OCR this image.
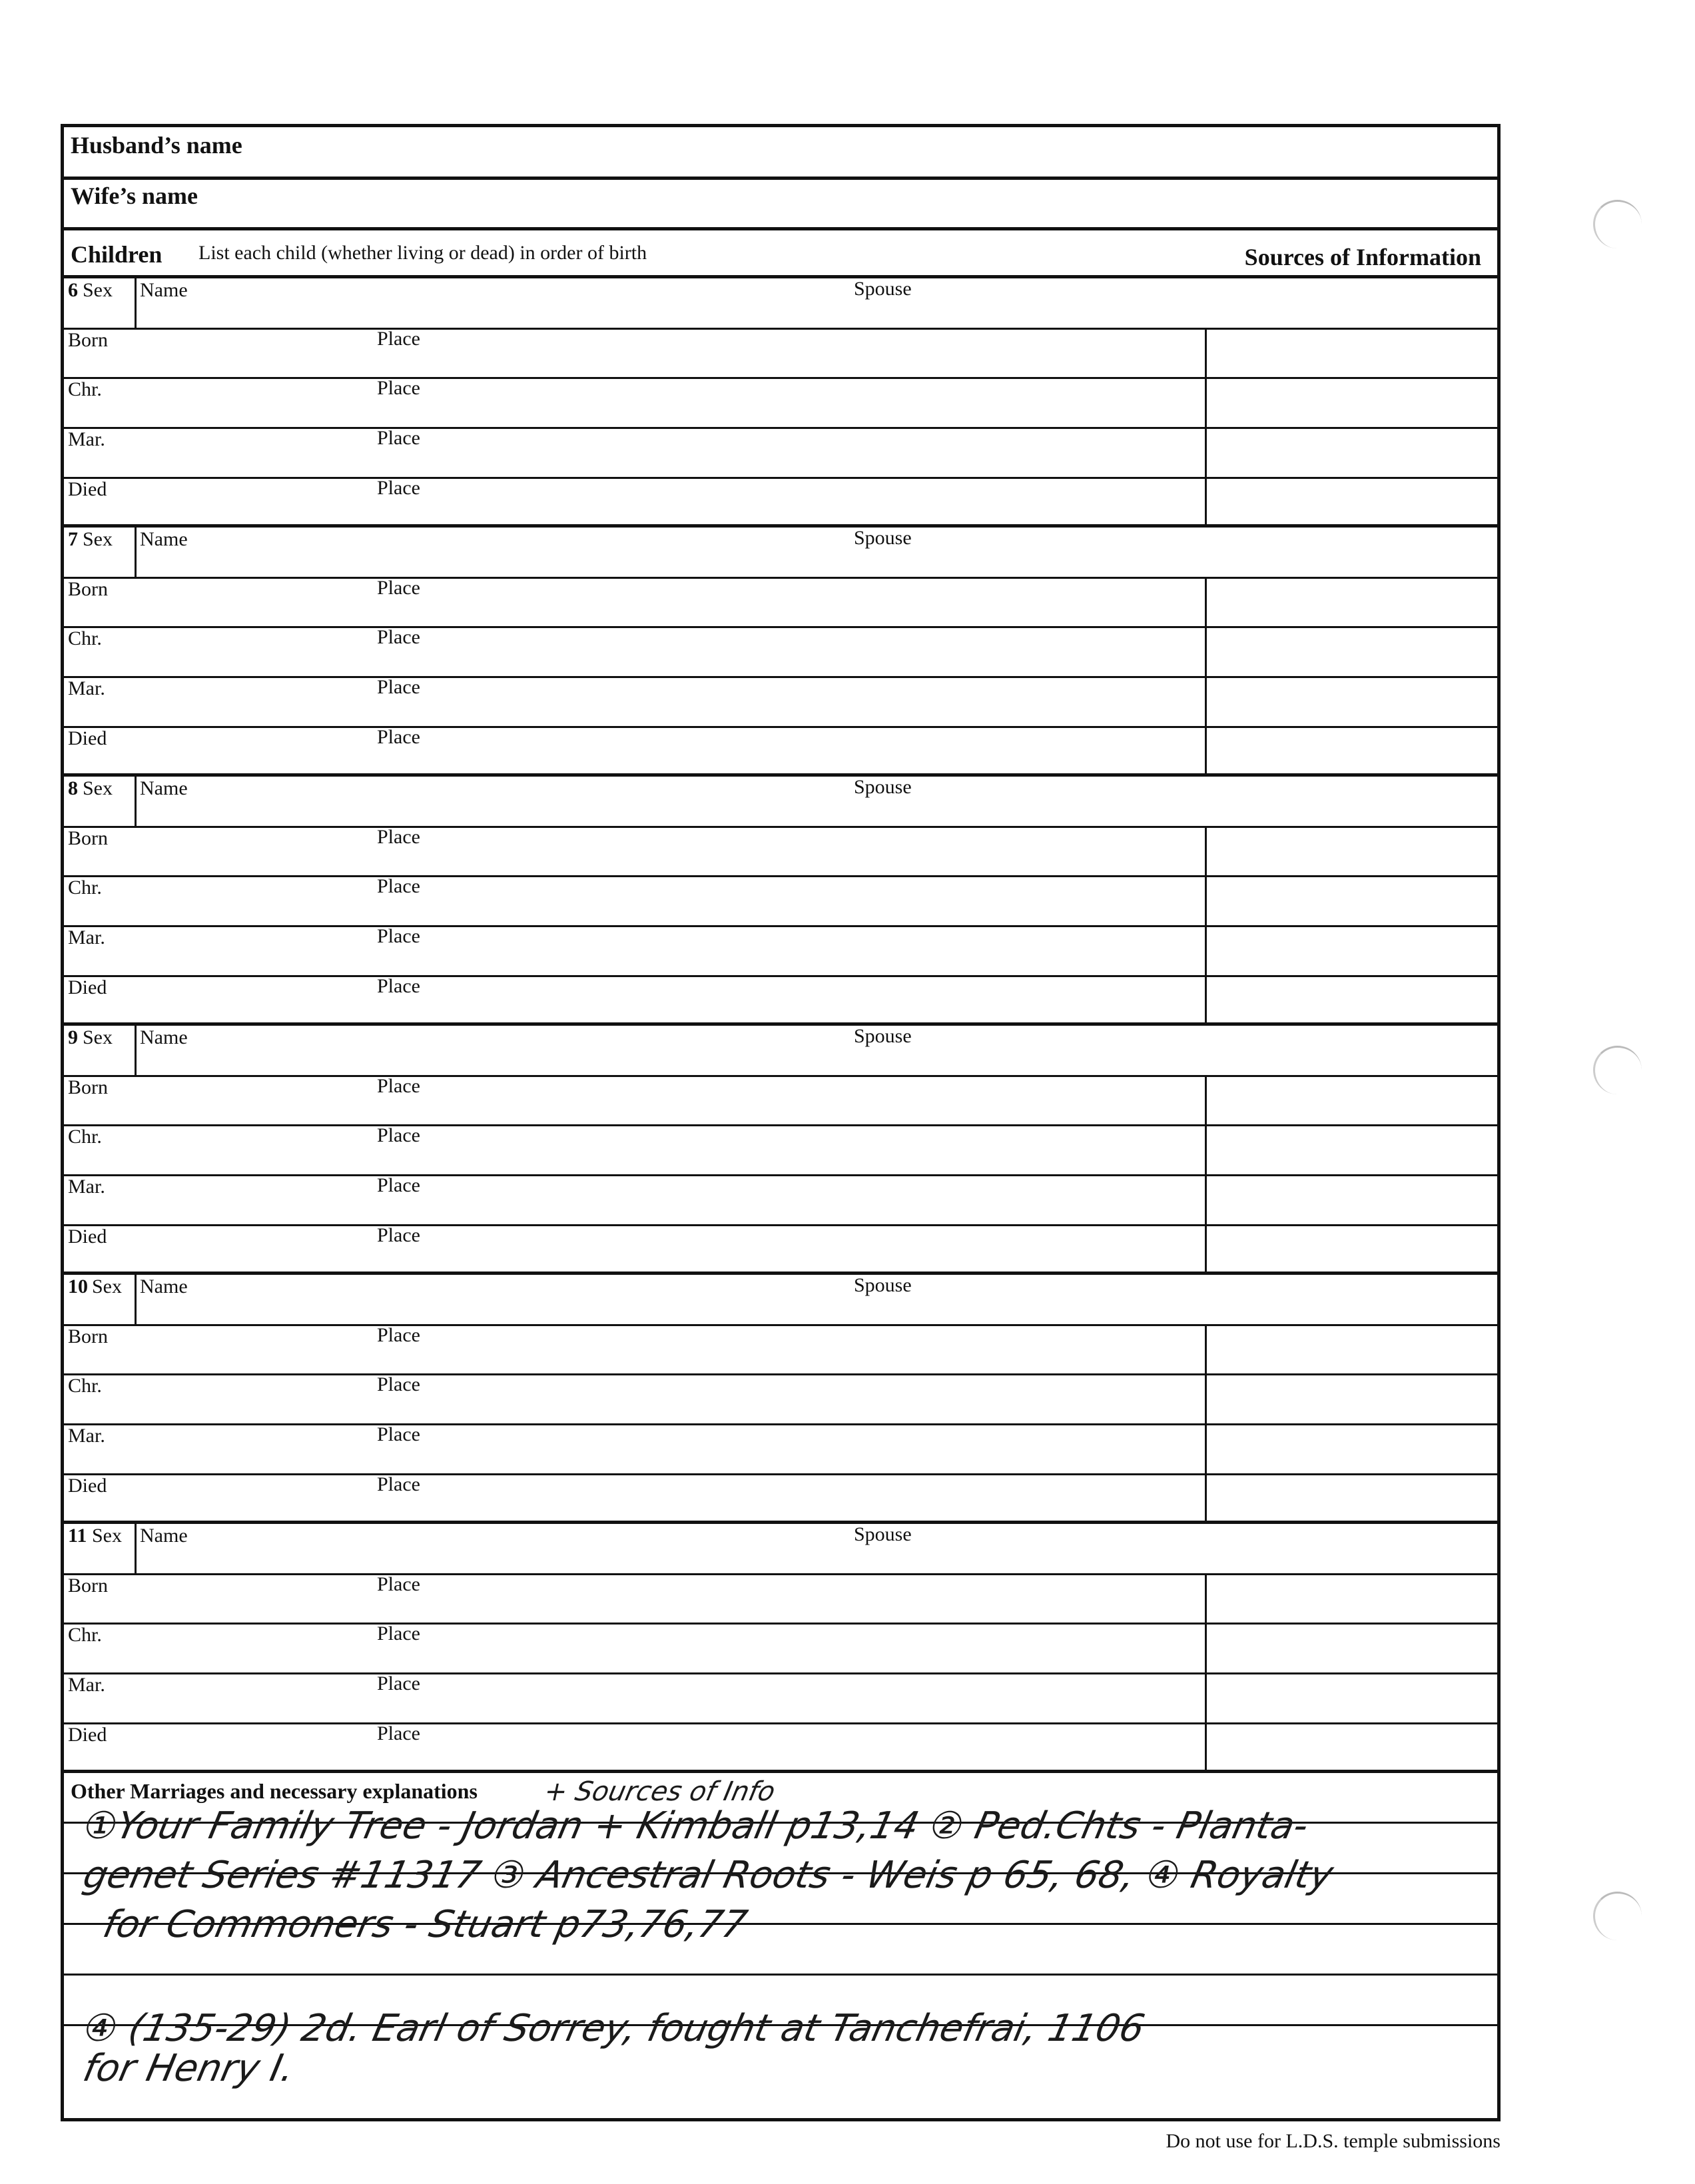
Husband’s name
Wife’s name
Children List each child (whether living or dead) in order of birth	Sources of Information
6 Sex Name	Spouse
Born	Place
Chr.	Place
Mar.	Place
Died	Place
7 Sex Name	Spouse
Born	Place
Chr.	Place
Mar.	Place
Died	Place
8 Sex Name	Spouse
Born	Place
Chr.	Place
Mar.	Place
Died	Place
9 Sex Name	Spouse
Born	Place
Chr.	Place
Mar.	Place
Died	Place
10 Sex Name	Spouse
Born	Place
Chr.	Place
Mar.	Place
Died	Place
11 Sex Name	Spouse
Born	Place
Chr.	Place
Mar.	Place
Died	Place
Other Marriages and necessary explanations + Sources of Info
①Your Family Tree - Jordan + Kimball p13,14 ② Ped.Chts - Planta-
genet Series #11317 ③ Ancestral Roots - Weis p 65, 68, ④ Royalty
for Commoners - Stuart p73,76,77
④ (135-29) 2d. Earl of Sorrey, fought at Tanchefrai, 1106
for Henry I.
Do not use for L.D.S. temple submissions
